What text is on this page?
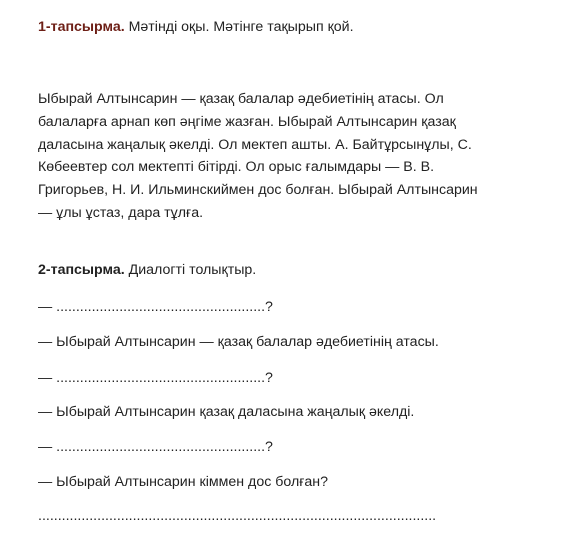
1-тапсырма. Мәтінді оқы. Мәтінге тақырып қой.
Ыбырай Алтынсарин — қазақ балалар әдебиетінің атасы. Ол
балаларға арнап көп әңгіме жазған. Ыбырай Алтынсарин қазақ
даласына жаңалық әкелді. Ол мектеп ашты. А. Байтұрсынұлы, С.
Көбеевтер сол мектепті бітірді. Ол орыс ғалымдары — В. В.
Григорьев, Н. И. Ильминскиймен дос болған. Ыбырай Алтынсарин
— ұлы ұстаз, дара тұлға.
2-тапсырма. Диалогті толықтыр.
— .....................................................?
— Ыбырай Алтынсарин — қазақ балалар әдебиетінің атасы.
— .....................................................?
— Ыбырай Алтынсарин қазақ даласына жаңалық әкелді.
— .....................................................?
— Ыбырай Алтынсарин кіммен дос болған?
.....................................................................................................
